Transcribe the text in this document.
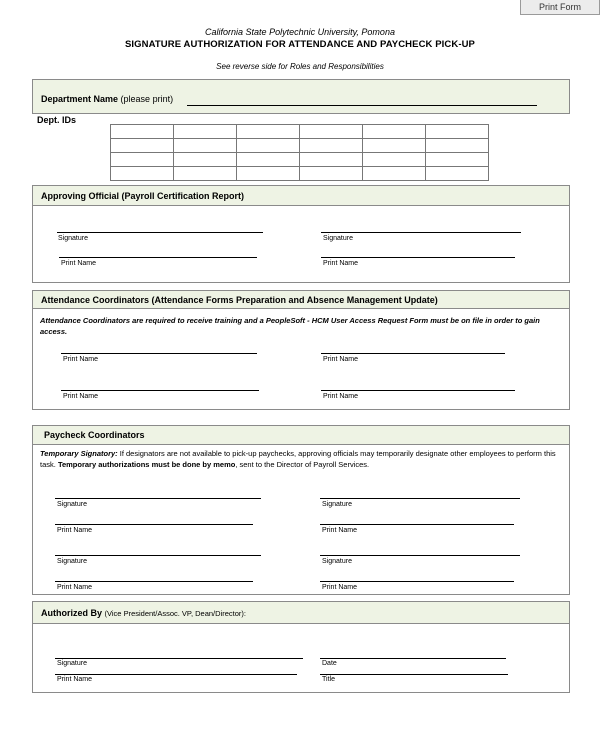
Print Form
California State Polytechnic University, Pomona
SIGNATURE AUTHORIZATION FOR ATTENDANCE AND PAYCHECK PICK-UP
See reverse side for Roles and Responsibilities
Department Name (please print)
Dept. IDs

Approving Official (Payroll Certification Report)
Signature	Signature
Print Name	Print Name
Attendance Coordinators (Attendance Forms Preparation and Absence Management Update)
Attendance Coordinators are required to receive training and a PeopleSoft - HCM User Access Request Form must be on file in order to gain access.
Print Name	Print Name
Print Name	Print Name
Paycheck Coordinators
Temporary Signatory: If designators are not available to pick-up paychecks, approving officials may temporarily designate other employees to perform this task. Temporary authorizations must be done by memo, sent to the Director of Payroll Services.
Signature	Signature
Print Name	Print Name
Signature	Signature
Print Name	Print Name
Authorized By (Vice President/Assoc. VP, Dean/Director):
Signature	Date
Print Name	Title
